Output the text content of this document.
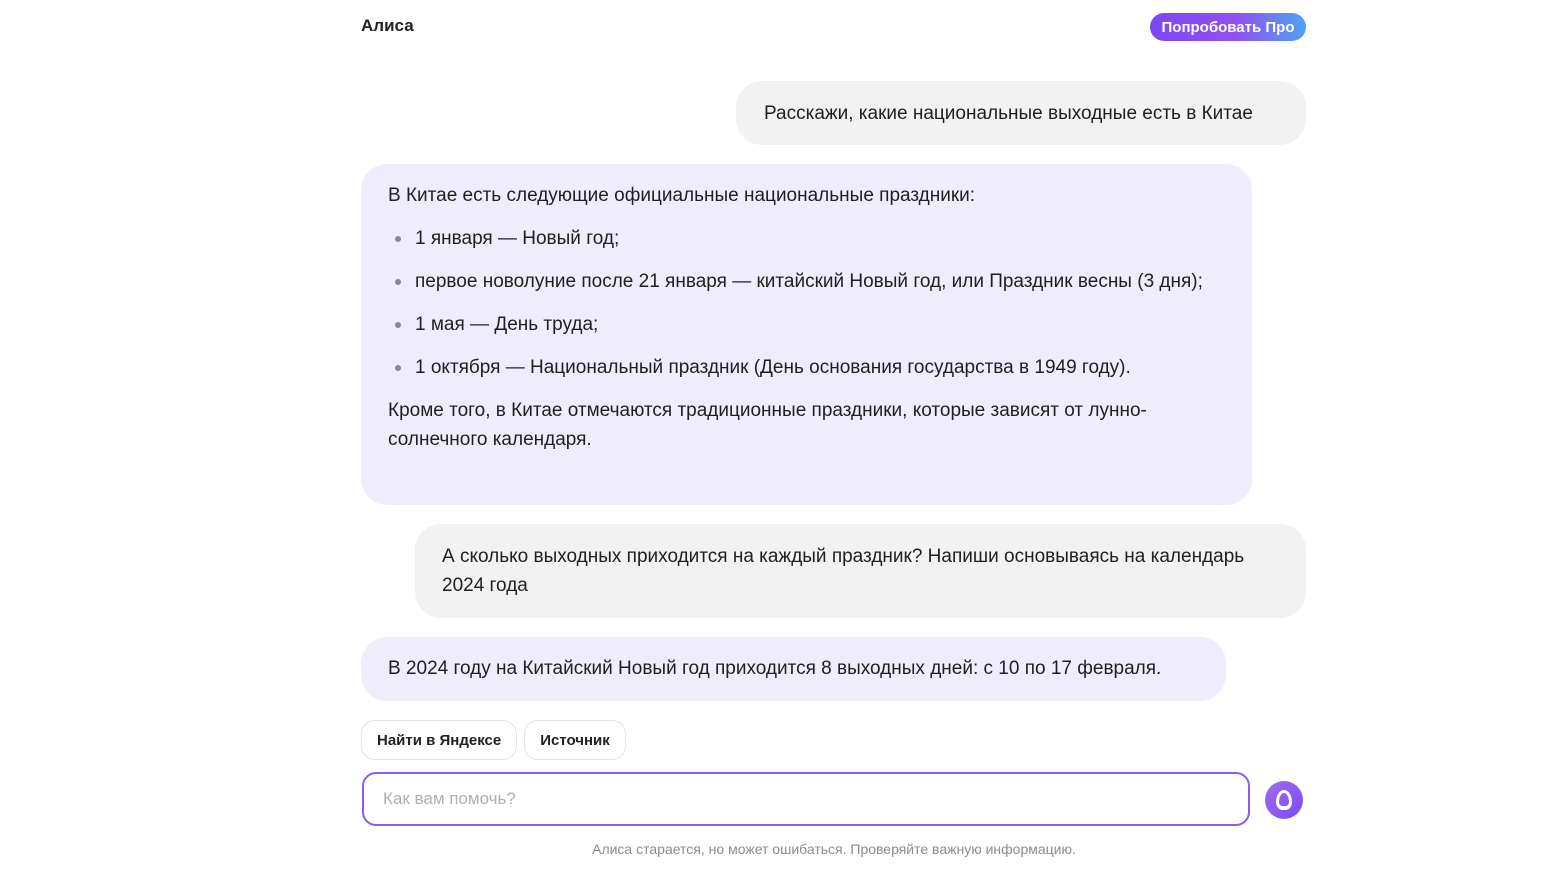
Алиса	Попробовать Про
Расскажи, какие национальные выходные есть в Китае

В Китае есть следующие официальные национальные праздники:

1 января — Новый год;
первое новолуние после 21 января — китайский Новый год, или Праздник весны (3 дня);
1 мая — День труда;
1 октября — Национальный праздник (День основания государства в 1949 году).

Кроме того, в Китае отмечаются традиционные праздники, которые зависят от лунно-солнечного календаря.

А сколько выходных приходится на каждый праздник? Напиши основываясь на календарь 2024 года
В 2024 году на Китайский Новый год приходится 8 выходных дней: с 10 по 17 февраля.
Найти в Яндексе	Источник
Как вам помочь?
Алиса старается, но может ошибаться. Проверяйте важную информацию.
